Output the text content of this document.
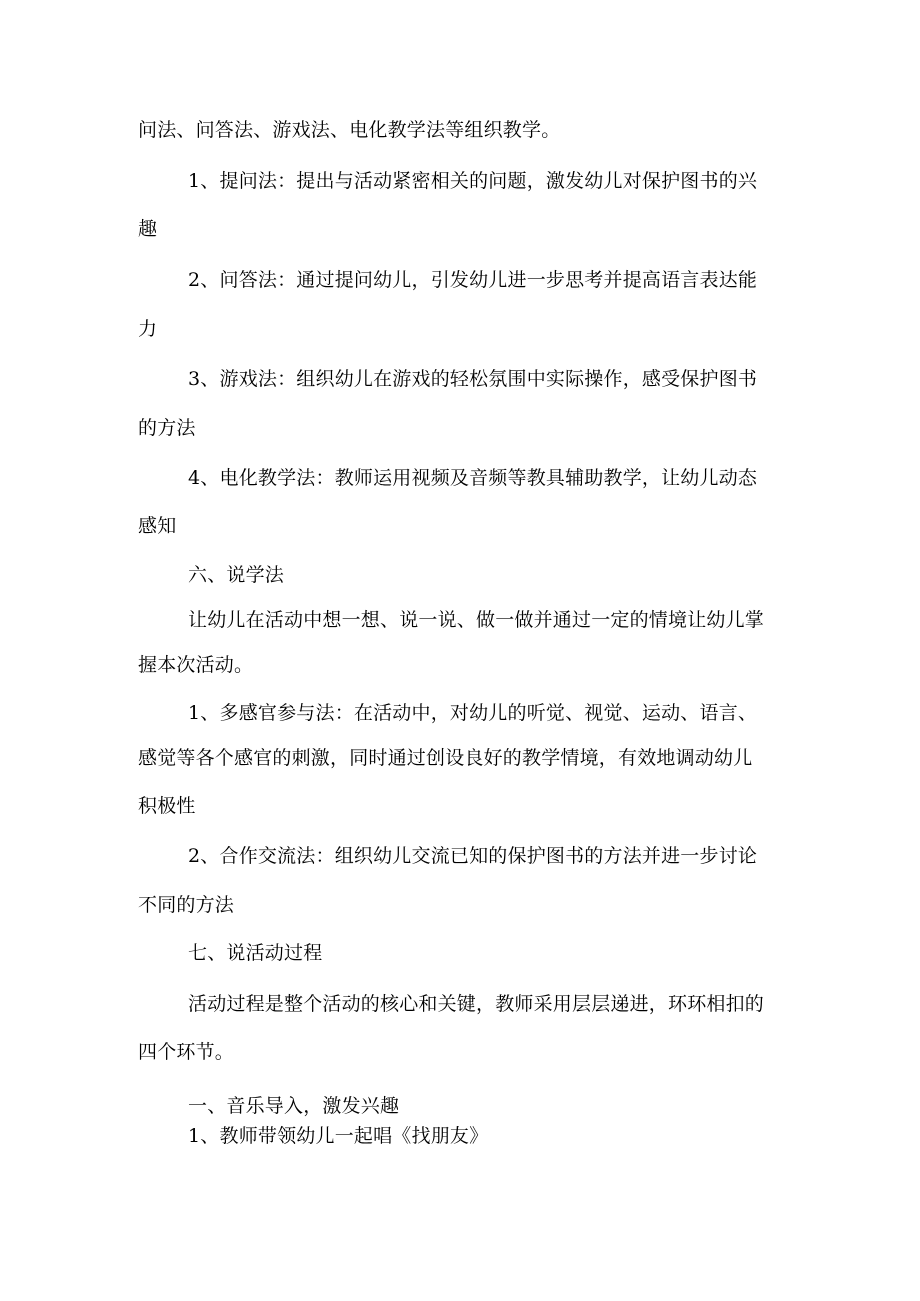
问法、问答法、游戏法、电化教学法等组织教学。
1、提问法：提出与活动紧密相关的问题，激发幼儿对保护图书的兴
趣
2、问答法：通过提问幼儿，引发幼儿进一步思考并提高语言表达能
力
3、游戏法：组织幼儿在游戏的轻松氛围中实际操作，感受保护图书
的方法
4、电化教学法：教师运用视频及音频等教具辅助教学，让幼儿动态
感知
六、说学法
让幼儿在活动中想一想、说一说、做一做并通过一定的情境让幼儿掌
握本次活动。
1、多感官参与法：在活动中，对幼儿的听觉、视觉、运动、语言、
感觉等各个感官的刺激，同时通过创设良好的教学情境，有效地调动幼儿
积极性
2、合作交流法：组织幼儿交流已知的保护图书的方法并进一步讨论
不同的方法
七、说活动过程
活动过程是整个活动的核心和关键，教师采用层层递进，环环相扣的
四个环节。
一、音乐导入，激发兴趣
1、教师带领幼儿一起唱《找朋友》
